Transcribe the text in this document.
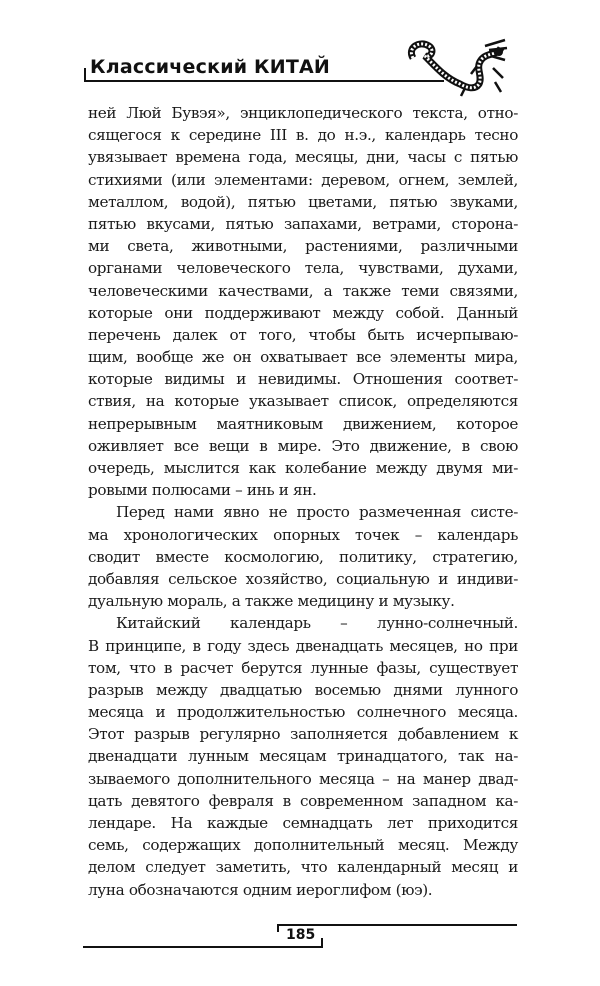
Классический КИТАЙ
ней Люй Бувэя», энциклопедического текста, отно-
сящегося к середине III в. до н.э., календарь тесно
увязывает времена года, месяцы, дни, часы с пятью
стихиями (или элементами: деревом, огнем, землей,
металлом, водой), пятью цветами, пятью звуками,
пятью вкусами, пятью запахами, ветрами, сторона-
ми света, животными, растениями, различными
органами человеческого тела, чувствами, духами,
человеческими качествами, а также теми связями,
которые они поддерживают между собой. Данный
перечень далек от того, чтобы быть исчерпываю-
щим, вообще же он охватывает все элементы мира,
которые видимы и невидимы. Отношения соответ-
ствия, на которые указывает список, определяются
непрерывным маятниковым движением, которое
оживляет все вещи в мире. Это движение, в свою
очередь, мыслится как колебание между двумя ми-
ровыми полюсами – инь и ян.
Перед нами явно не просто размеченная систе-
ма хронологических опорных точек – календарь
сводит вместе космологию, политику, стратегию,
добавляя сельское хозяйство, социальную и индиви-
дуальную мораль, а также медицину и музыку.
Китайский календарь – лунно-солнечный.
В принципе, в году здесь двенадцать месяцев, но при
том, что в расчет берутся лунные фазы, существует
разрыв между двадцатью восемью днями лунного
месяца и продолжительностью солнечного месяца.
Этот разрыв регулярно заполняется добавлением к
двенадцати лунным месяцам тринадцатого, так на-
зываемого дополнительного месяца – на манер двад-
цать девятого февраля в современном западном ка-
лендаре. На каждые семнадцать лет приходится
семь, содержащих дополнительный месяц. Между
делом следует заметить, что календарный месяц и
луна обозначаются одним иероглифом (юэ).
185
